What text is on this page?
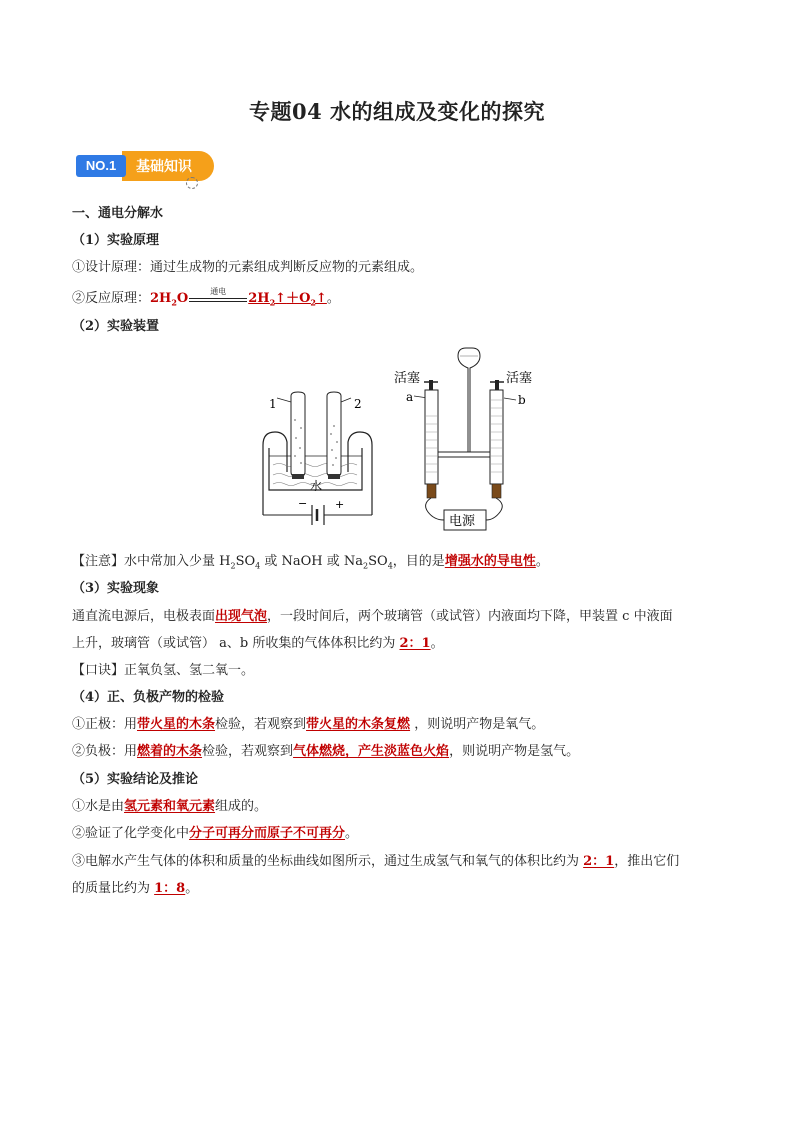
专题04 水的组成及变化的探究
基础知识
NO.1
一、通电分解水
（1）实验原理
①设计原理：通过生成物的元素组成判断反应物的元素组成。
②反应原理：$2H_2O$	通电	$2H_2↑+O_2↑$。
（2）实验装置
水
1	2
−	+
活塞	活塞
a	b
电源
【注意】水中常加入少量 $H_2SO_4$ 或 NaOH 或 $Na_2SO_4$，目的是增强水的导电性。
（3）实验现象
通直流电源后，电极表面出现气泡，一段时间后，两个玻璃管（或试管）内液面均下降，甲装置 c 中液面
上升，玻璃管（或试管） a、b 所收集的气体体积比约为 2：1。
【口诀】正氧负氢、氢二氧一。
（4）正、负极产物的检验
①正极：用带火星的木条检验，若观察到带火星的木条复燃 ，则说明产物是氧气。
②负极：用燃着的木条检验，若观察到气体燃烧，产生淡蓝色火焰，则说明产物是氢气。
（5）实验结论及推论
①水是由氢元素和氧元素组成的。
②验证了化学变化中分子可再分而原子不可再分。
③电解水产生气体的体积和质量的坐标曲线如图所示，通过生成氢气和氧气的体积比约为 2：1，推出它们
的质量比约为 1：8。
